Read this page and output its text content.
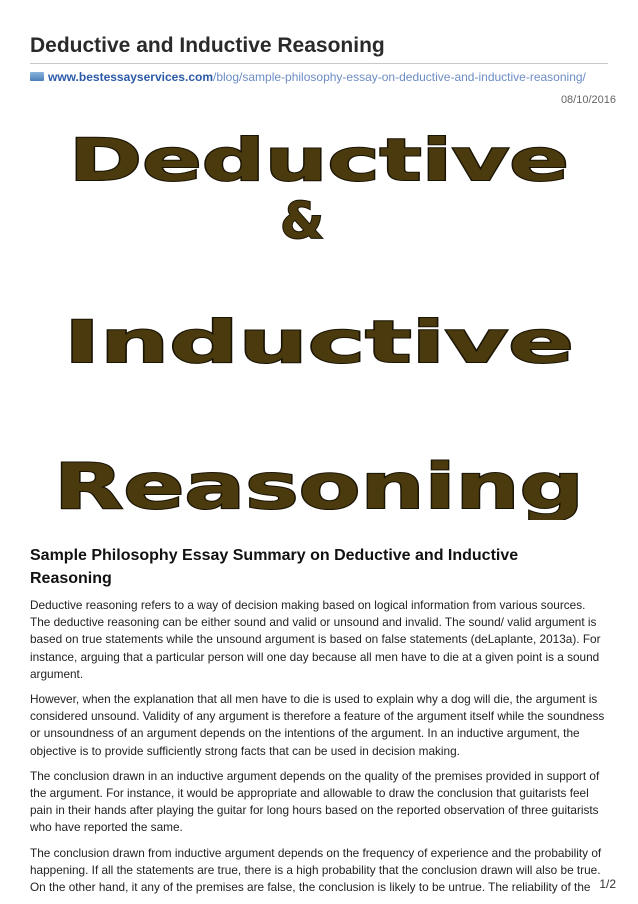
Deductive and Inductive Reasoning
www.bestessayservices.com/blog/sample-philosophy-essay-on-deductive-and-inductive-reasoning/
08/10/2016
Deductive
&
Inductive
Reasoning
Sample Philosophy Essay Summary on Deductive and Inductive Reasoning

Deductive reasoning refers to a way of decision making based on logical information from various sources. The deductive reasoning can be either sound and valid or unsound and invalid. The sound/ valid argument is based on true statements while the unsound argument is based on false statements (deLaplante, 2013a). For instance, arguing that a particular person will one day because all men have to die at a given point is a sound argument.

However, when the explanation that all men have to die is used to explain why a dog will die, the argument is considered unsound. Validity of any argument is therefore a feature of the argument itself while the soundness or unsoundness of an argument depends on the intentions of the argument. In an inductive argument, the objective is to provide sufficiently strong facts that can be used in decision making.

The conclusion drawn in an inductive argument depends on the quality of the premises provided in support of the argument. For instance, it would be appropriate and allowable to draw the conclusion that guitarists feel pain in their hands after playing the guitar for long hours based on the reported observation of three guitarists who have reported the same.

The conclusion drawn from inductive argument depends on the frequency of experience and the probability of happening. If all the statements are true, there is a high probability that the conclusion drawn will also be true. On the other hand, it any of the premises are false, the conclusion is likely to be untrue. The reliability of the 1/2
